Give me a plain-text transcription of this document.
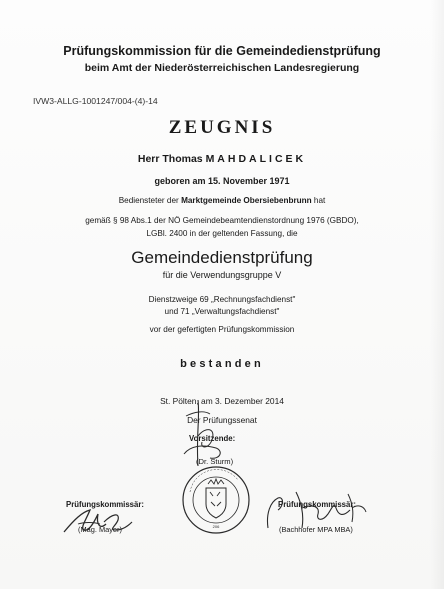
Prüfungskommission für die Gemeindedienstprüfung
beim Amt der Niederösterreichischen Landesregierung
IVW3-ALLG-1001247/004-(4)-14
ZEUGNIS
Herr Thomas MAHDALICEK
geboren am 15. November 1971
Bediensteter der Marktgemeinde Obersiebenbrunn hat
gemäß § 98 Abs.1 der NÖ Gemeindebeamtendienstordnung 1976 (GBDO),
LGBl. 2400 in der geltenden Fassung, die
Gemeindedienstprüfung
für die Verwendungsgruppe V
Dienstzweige 69 „Rechnungsfachdienst"
und 71 „Verwaltungsfachdienst"
vor der gefertigten Prüfungskommission
bestanden
St. Pölten, am 3. Dezember 2014
Der Prüfungssenat
Vorsitzende:
(Dr. Sturm)
Prüfungskommissär:
(Mag. Mayer)
Prüfungskommissär:
(Bachhofer MPA MBA)
206
